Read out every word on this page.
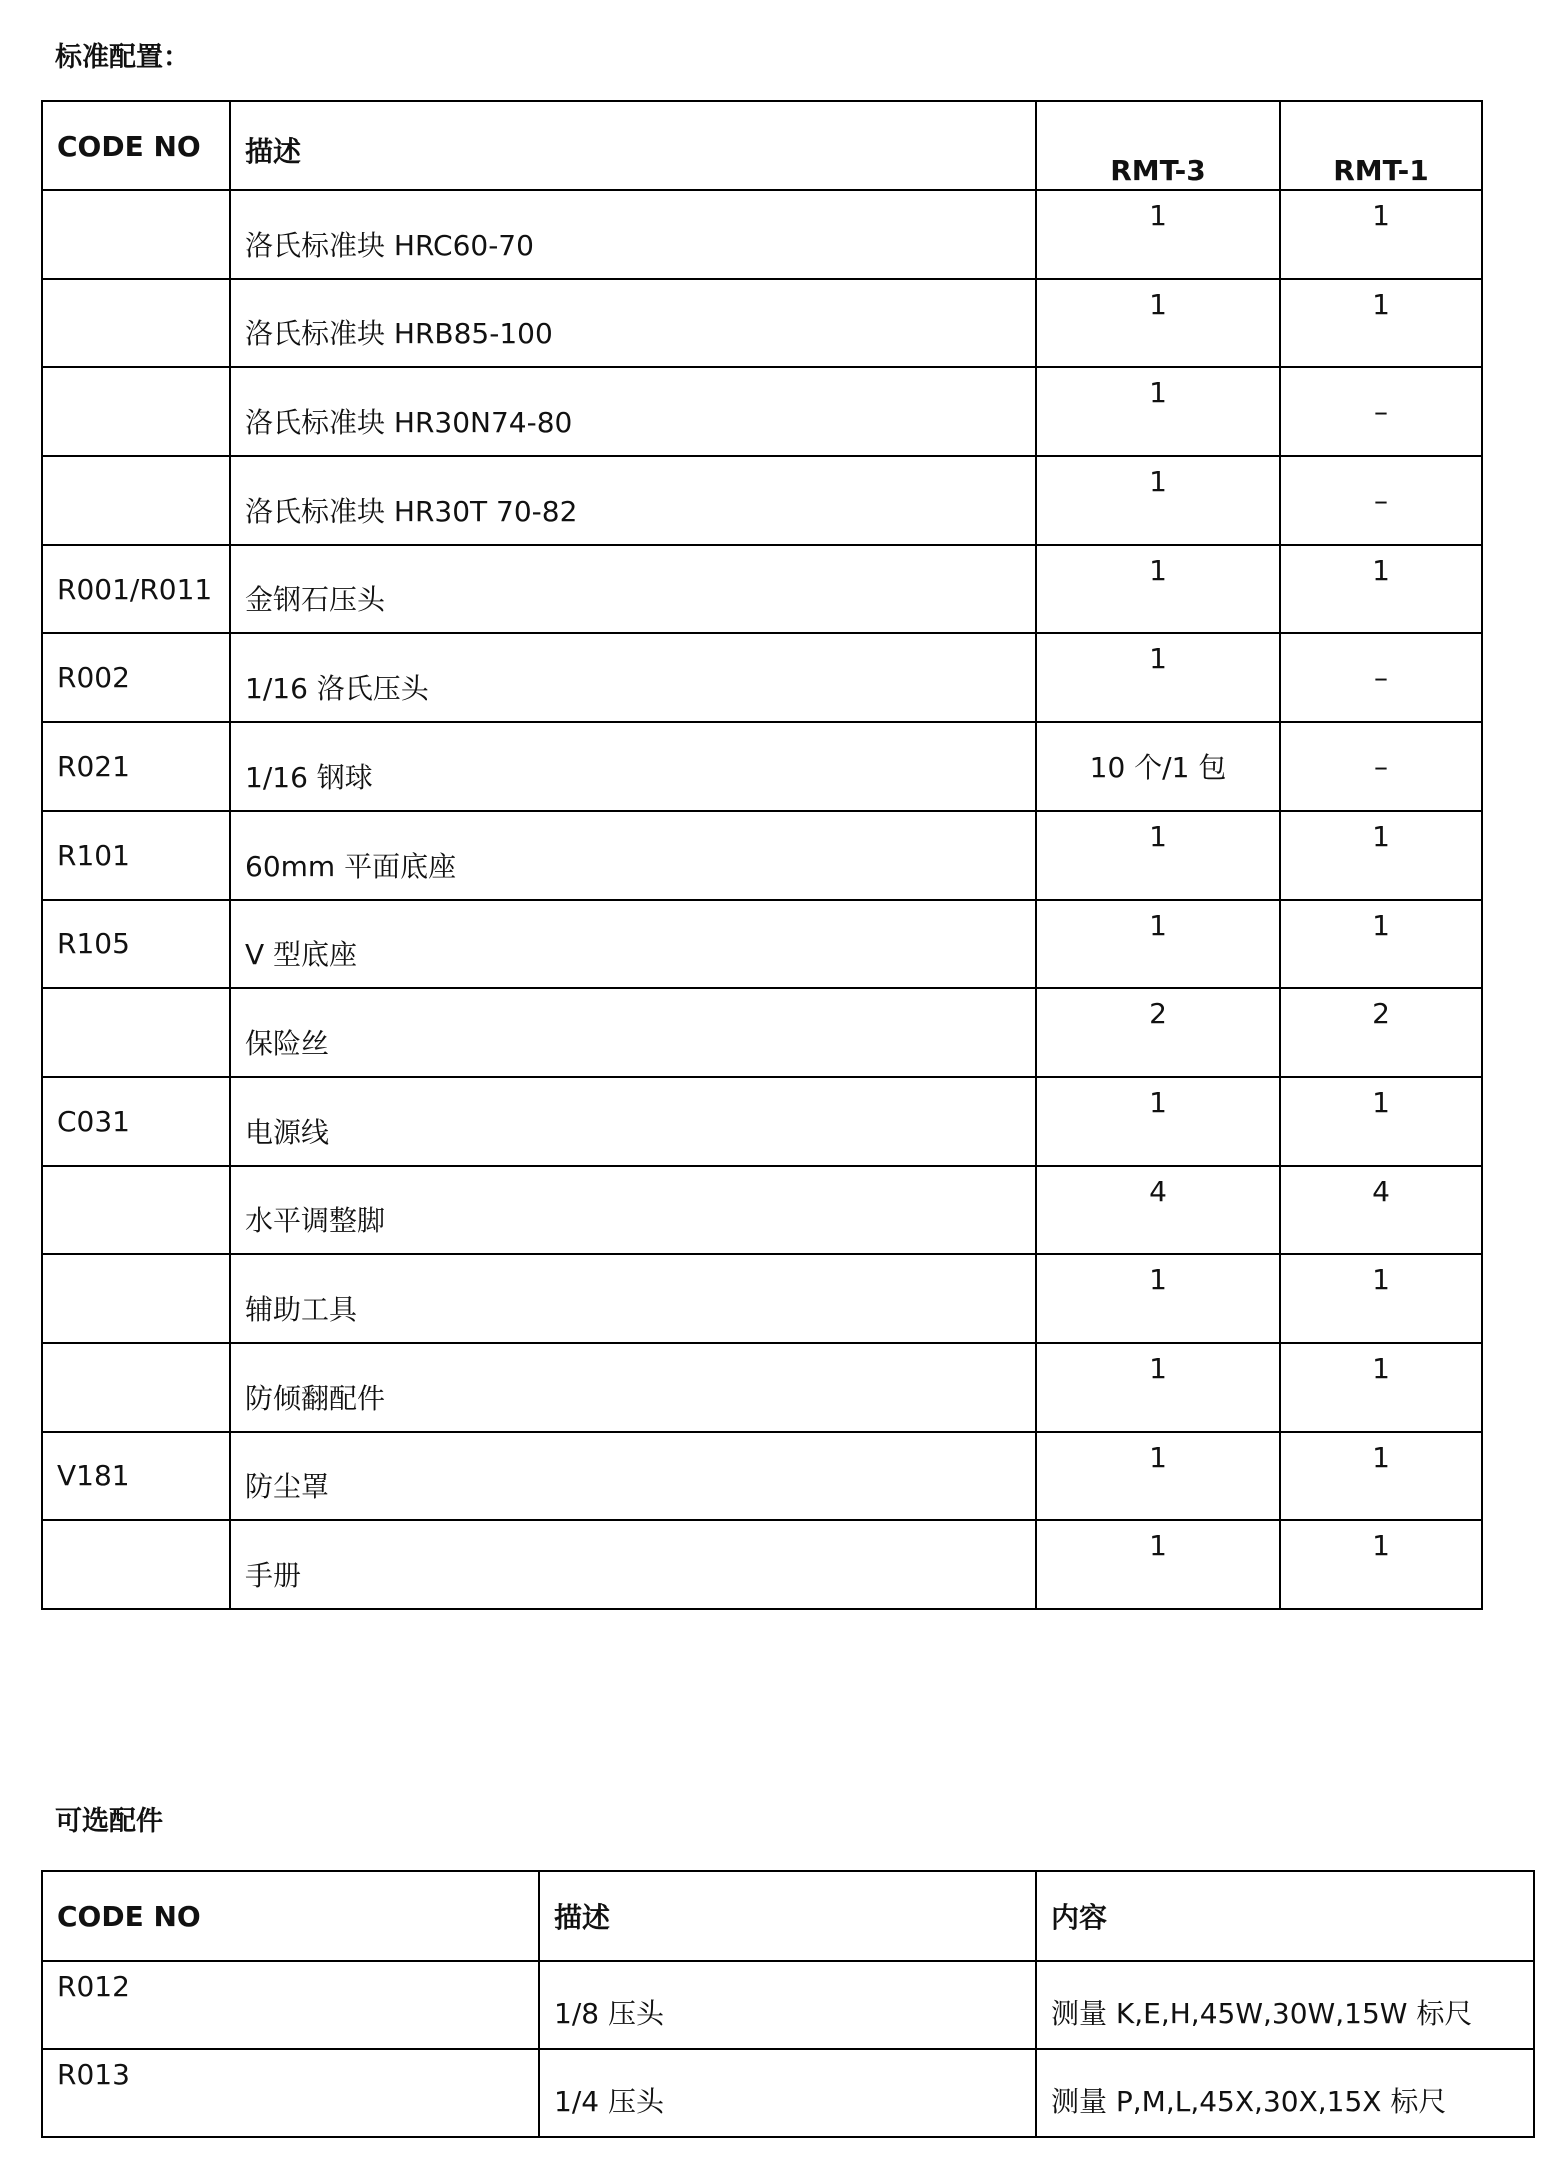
标准配置：
CODE NO	描述	RMT-3	RMT-1
	洛氏标准块 HRC60-70	1	1
	洛氏标准块 HRB85-100	1	1
	洛氏标准块 HR30N74-80	1	–
	洛氏标准块 HR30T 70-82	1	–
R001/R011	金钢石压头	1	1
R002	1/16 洛氏压头	1	–
R021	1/16 钢球	10 个/1 包	–
R101	60mm 平面底座	1	1
R105	V 型底座	1	1
	保险丝	2	2
C031	电源线	1	1
	水平调整脚	4	4
	辅助工具	1	1
	防倾翻配件	1	1
V181	防尘罩	1	1
	手册	1	1
可选配件
CODE NO	描述	内容
R012	1/8 压头	测量 K,E,H,45W,30W,15W 标尺
R013	1/4 压头	测量 P,M,L,45X,30X,15X 标尺
